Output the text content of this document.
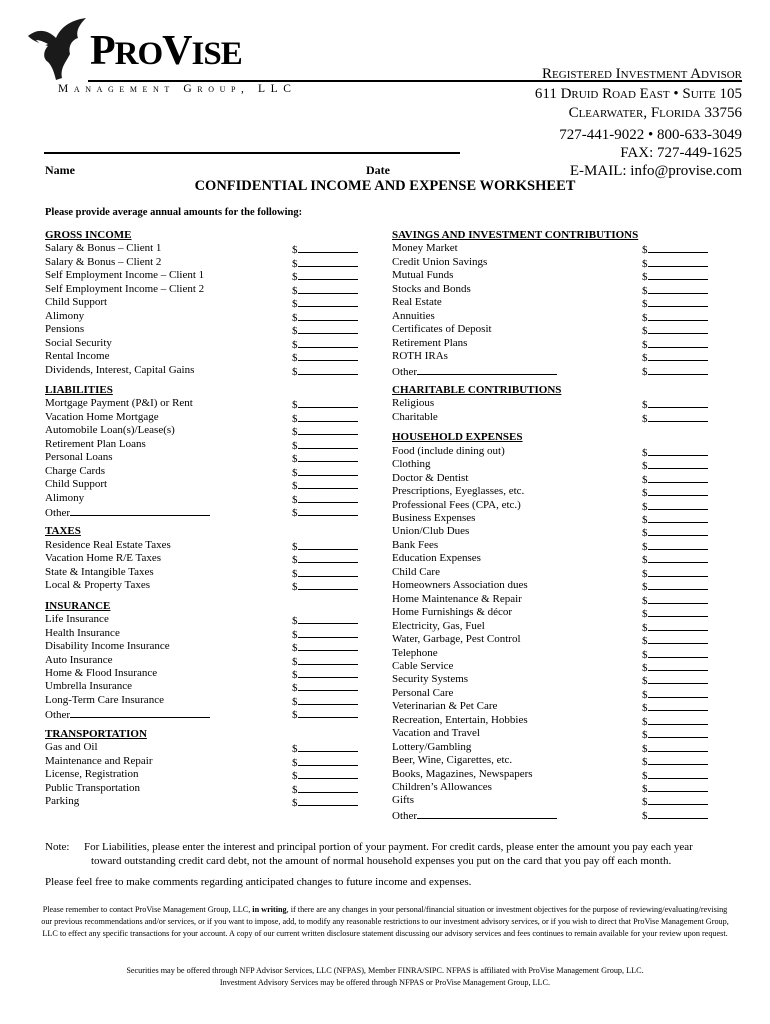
PROVISE
Management Group, LLC
Registered Investment Advisor
611 Druid Road East • Suite 105
Clearwater, Florida 33756
727-441-9022 • 800-633-3049
FAX: 727-449-1625
E-MAIL: info@provise.com
Name	Date
CONFIDENTIAL INCOME AND EXPENSE WORKSHEET
Please provide average annual amounts for the following:
GROSS INCOME
Salary & Bonus – Client 1	$
Salary & Bonus – Client 2	$
Self Employment Income – Client 1	$
Self Employment Income – Client 2	$
Child Support	$
Alimony	$
Pensions	$
Social Security	$
Rental Income	$
Dividends, Interest, Capital Gains	$
LIABILITIES
Mortgage Payment (P&I) or Rent	$
Vacation Home Mortgage	$
Automobile Loan(s)/Lease(s)	$
Retirement Plan Loans	$
Personal Loans	$
Charge Cards	$
Child Support	$
Alimony	$
Other	$
TAXES
Residence Real Estate Taxes	$
Vacation Home R/E Taxes	$
State & Intangible Taxes	$
Local & Property Taxes	$
INSURANCE
Life Insurance	$
Health Insurance	$
Disability Income Insurance	$
Auto Insurance	$
Home & Flood Insurance	$
Umbrella Insurance	$
Long-Term Care Insurance	$
Other	$
TRANSPORTATION
Gas and Oil	$
Maintenance and Repair	$
License, Registration	$
Public Transportation	$
Parking	$
SAVINGS AND INVESTMENT CONTRIBUTIONS
Money Market	$
Credit Union Savings	$
Mutual Funds	$
Stocks and Bonds	$
Real Estate	$
Annuities	$
Certificates of Deposit	$
Retirement Plans	$
ROTH IRAs	$
Other	$
CHARITABLE CONTRIBUTIONS
Religious	$
Charitable	$
HOUSEHOLD EXPENSES
Food (include dining out)	$
Clothing	$
Doctor & Dentist	$
Prescriptions, Eyeglasses, etc.	$
Professional Fees (CPA, etc.)	$
Business Expenses	$
Union/Club Dues	$
Bank Fees	$
Education Expenses	$
Child Care	$
Homeowners Association dues	$
Home Maintenance & Repair	$
Home Furnishings & décor	$
Electricity, Gas, Fuel	$
Water, Garbage, Pest Control	$
Telephone	$
Cable Service	$
Security Systems	$
Personal Care	$
Veterinarian & Pet Care	$
Recreation, Entertain, Hobbies	$
Vacation and Travel	$
Lottery/Gambling	$
Beer, Wine, Cigarettes, etc.	$
Books, Magazines, Newspapers	$
Children’s Allowances	$
Gifts	$
Other	$
Note: For Liabilities, please enter the interest and principal portion of your payment. For credit cards, please enter the amount you pay each year
toward outstanding credit card debt, not the amount of normal household expenses you put on the card that you pay off each month.
Please feel free to make comments regarding anticipated changes to future income and expenses.
Please remember to contact ProVise Management Group, LLC, in writing, if there are any changes in your personal/financial situation or investment objectives for the purpose of reviewing/evaluating/revising our previous recommendations and/or services, or if you want to impose, add, to modify any reasonable restrictions to our investment advisory services, or if you wish to direct that ProVise Management Group, LLC to effect any specific transactions for your account. A copy of our current written disclosure statement discussing our advisory services and fees continues to remain available for your review upon request.
Securities may be offered through NFP Advisor Services, LLC (NFPAS), Member FINRA/SIPC. NFPAS is affiliated with ProVise Management Group, LLC.
Investment Advisory Services may be offered through NFPAS or ProVise Management Group, LLC.
